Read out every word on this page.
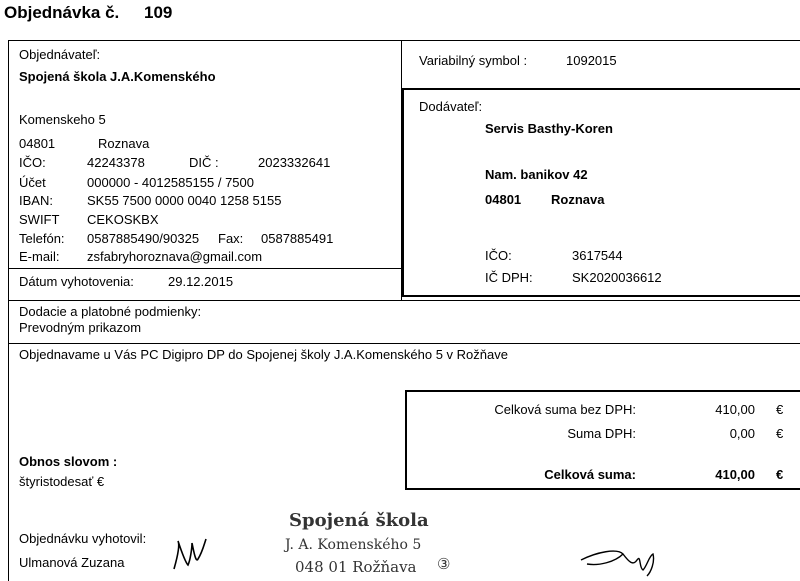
Objednávka č. 109
Objednávateľ:
Spojená škola J.A.Komenského
Komenskeho 5
04801	Roznava
IČO:	42243378	DIČ :	2023332641
Účet	000000 - 4012585155 / 7500
IBAN:	SK55 7500 0000 0040 1258 5155
SWIFT CEKOSKBX
Telefón: 0587885490/90325 Fax: 0587885491
E-mail: zsfabryhoroznava@gmail.com
Dátum vyhotovenia:	29.12.2015
Variabilný symbol :	1092015
Dodávateľ:
Servis Basthy-Koren
Nam. banikov 42
04801 Roznava
IČO:	3617544
IČ DPH:	SK2020036612
Dodacie a platobné podmienky:
Prevodným prikazom
Objednavame u Vás PC Digipro DP do Spojenej školy J.A.Komenského 5 v Rožňave
Celková suma bez DPH:	410,00 €
Suma DPH:	0,00 €
Celková suma:	410,00 €
Obnos slovom :
štyristodesať €
Objednávku vyhotovil:
Ulmanová Zuzana
Spojená škola
J. A. Komenského 5
048 01 Rožňava ③
